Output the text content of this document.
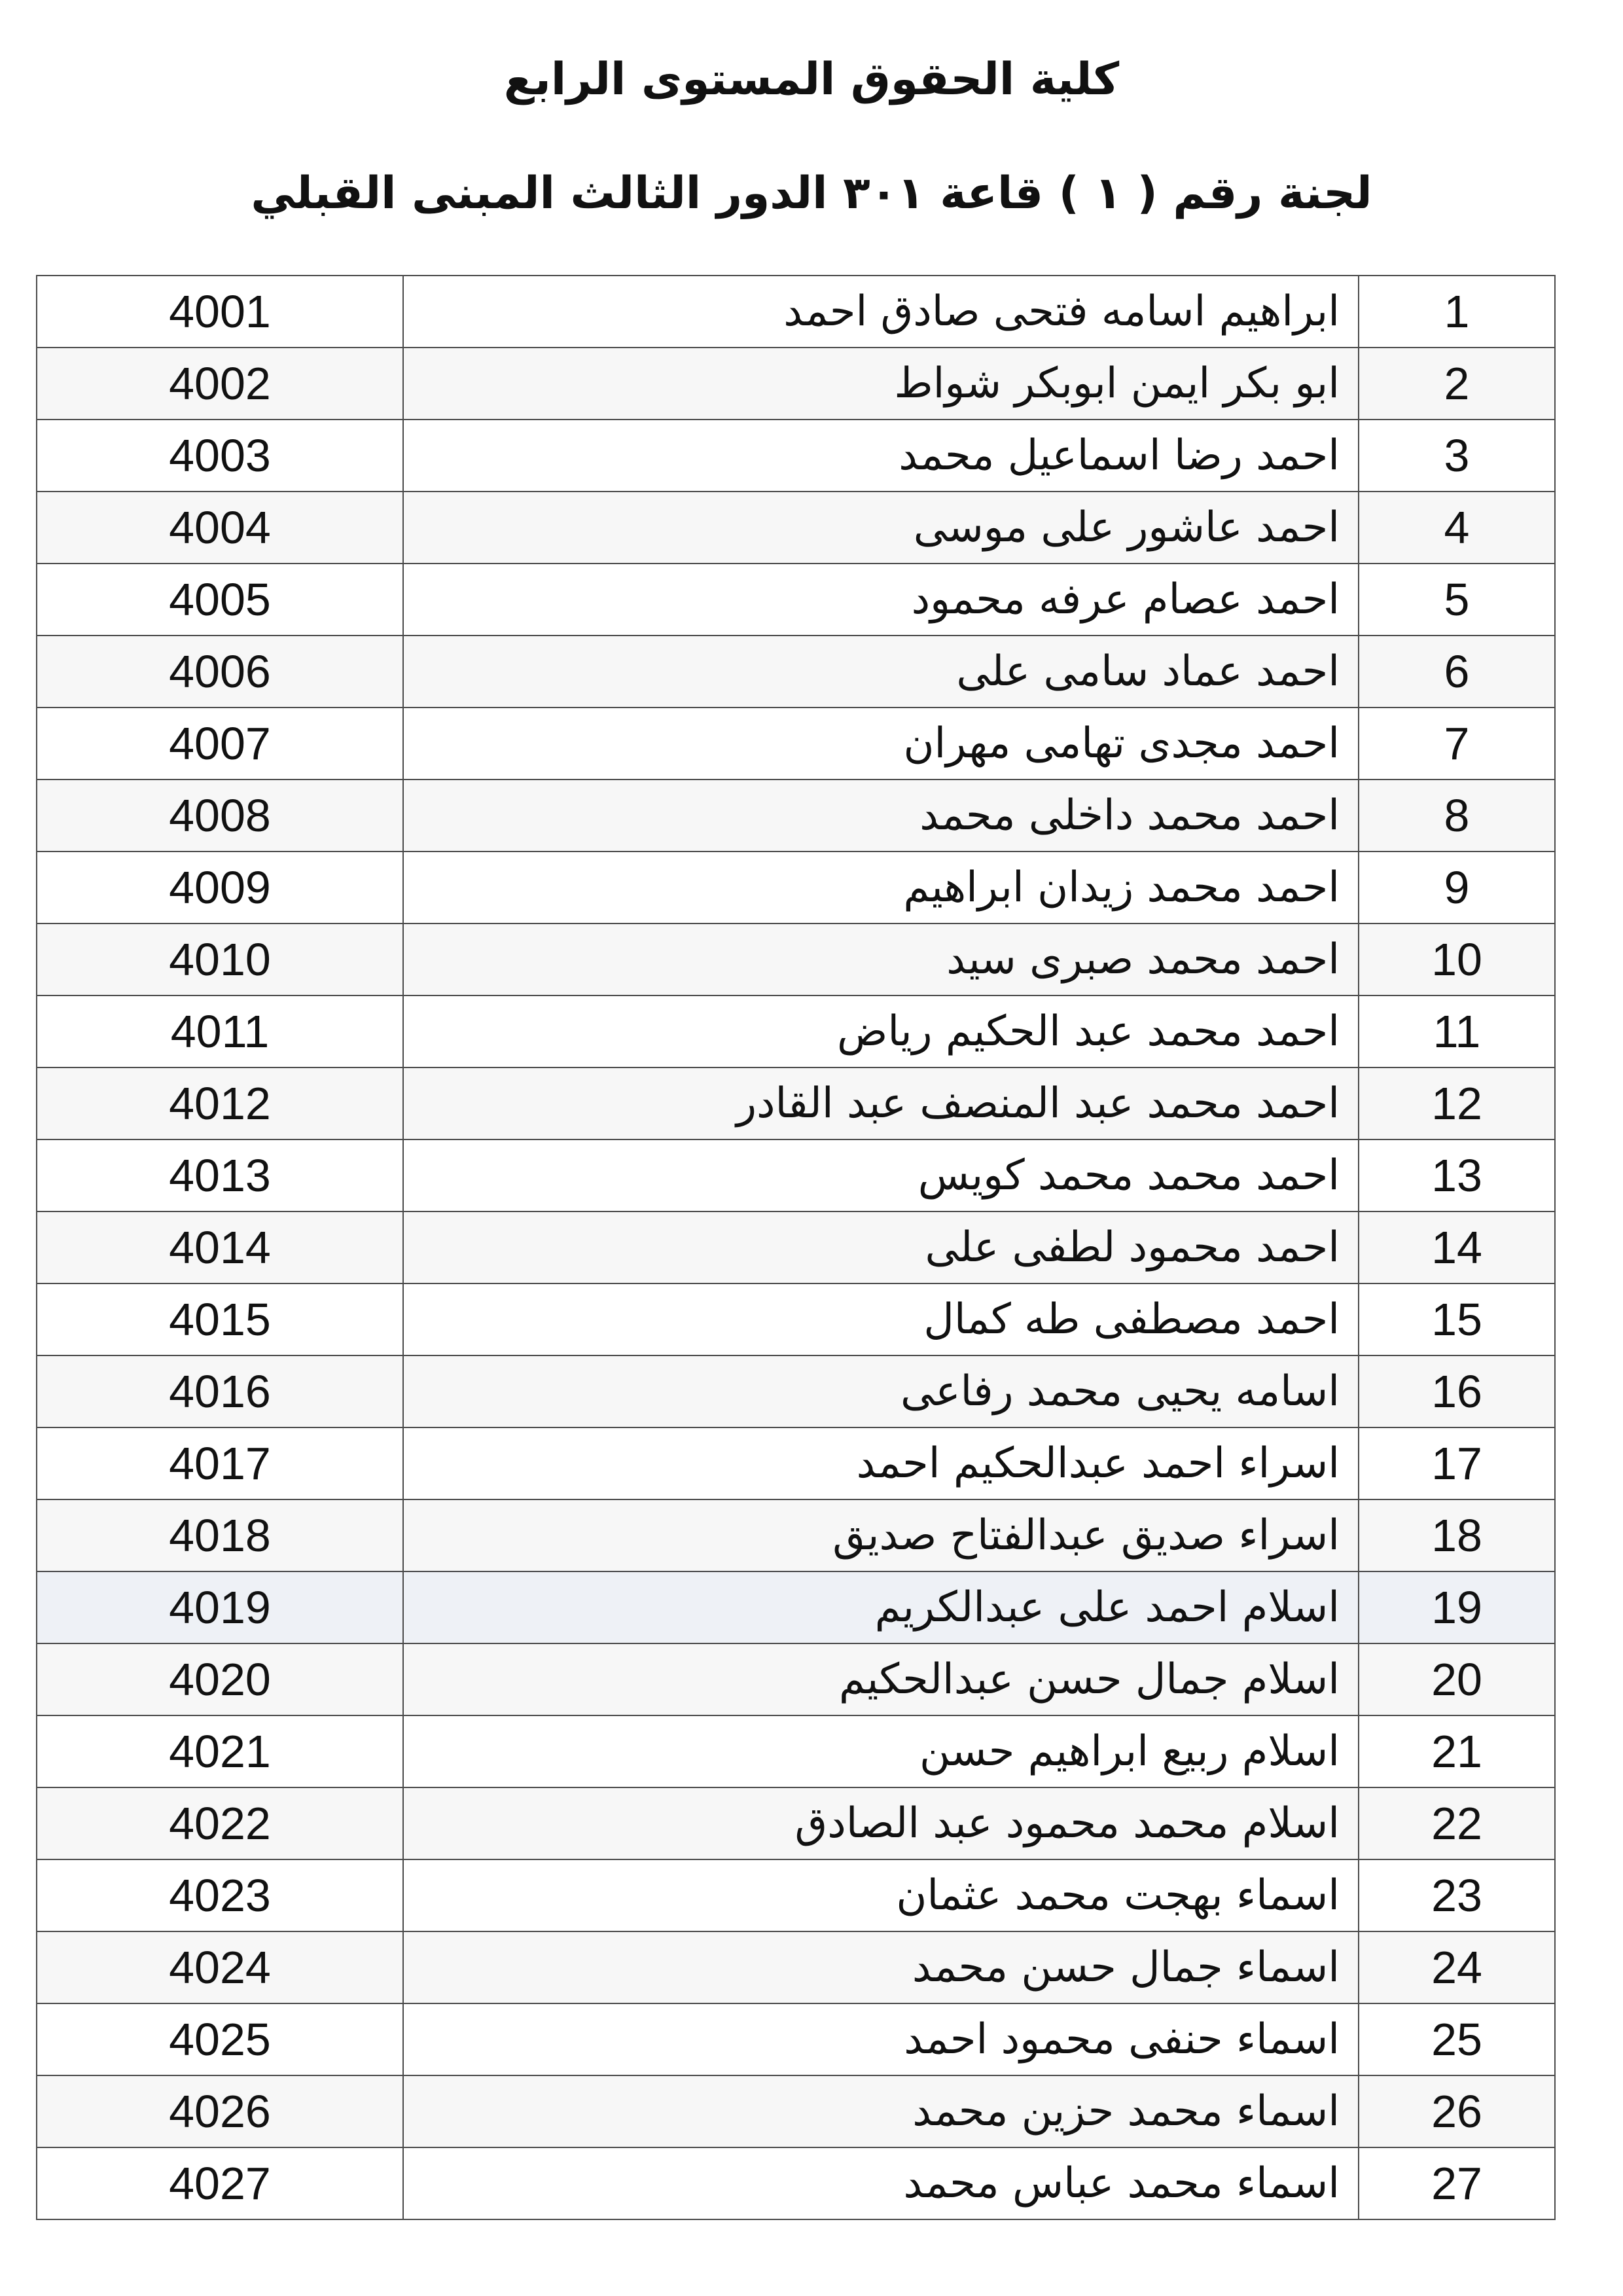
كلية الحقوق المستوى الرابع
لجنة رقم ( ١ ) قاعة ٣٠١ الدور الثالث المبنى القبلي
4001	ابراهيم اسامه فتحى صادق احمد	1
4002	ابو بكر ايمن ابوبكر شواط	2
4003	احمد رضا اسماعيل محمد	3
4004	احمد عاشور على موسى	4
4005	احمد عصام عرفه محمود	5
4006	احمد عماد سامى على	6
4007	احمد مجدى تهامى مهران	7
4008	احمد محمد داخلى محمد	8
4009	احمد محمد زيدان ابراهيم	9
4010	احمد محمد صبرى سيد	10
4011	احمد محمد عبد الحكيم رياض	11
4012	احمد محمد عبد المنصف عبد القادر	12
4013	احمد محمد محمد كويس	13
4014	احمد محمود لطفى على	14
4015	احمد مصطفى طه كمال	15
4016	اسامه يحيى محمد رفاعى	16
4017	اسراء احمد عبدالحكيم احمد	17
4018	اسراء صديق عبدالفتاح صديق	18
4019	اسلام احمد على عبدالكريم	19
4020	اسلام جمال حسن عبدالحكيم	20
4021	اسلام ربيع ابراهيم حسن	21
4022	اسلام محمد محمود عبد الصادق	22
4023	اسماء بهجت محمد عثمان	23
4024	اسماء جمال حسن محمد	24
4025	اسماء حنفى محمود احمد	25
4026	اسماء محمد حزين محمد	26
4027	اسماء محمد عباس محمد	27
